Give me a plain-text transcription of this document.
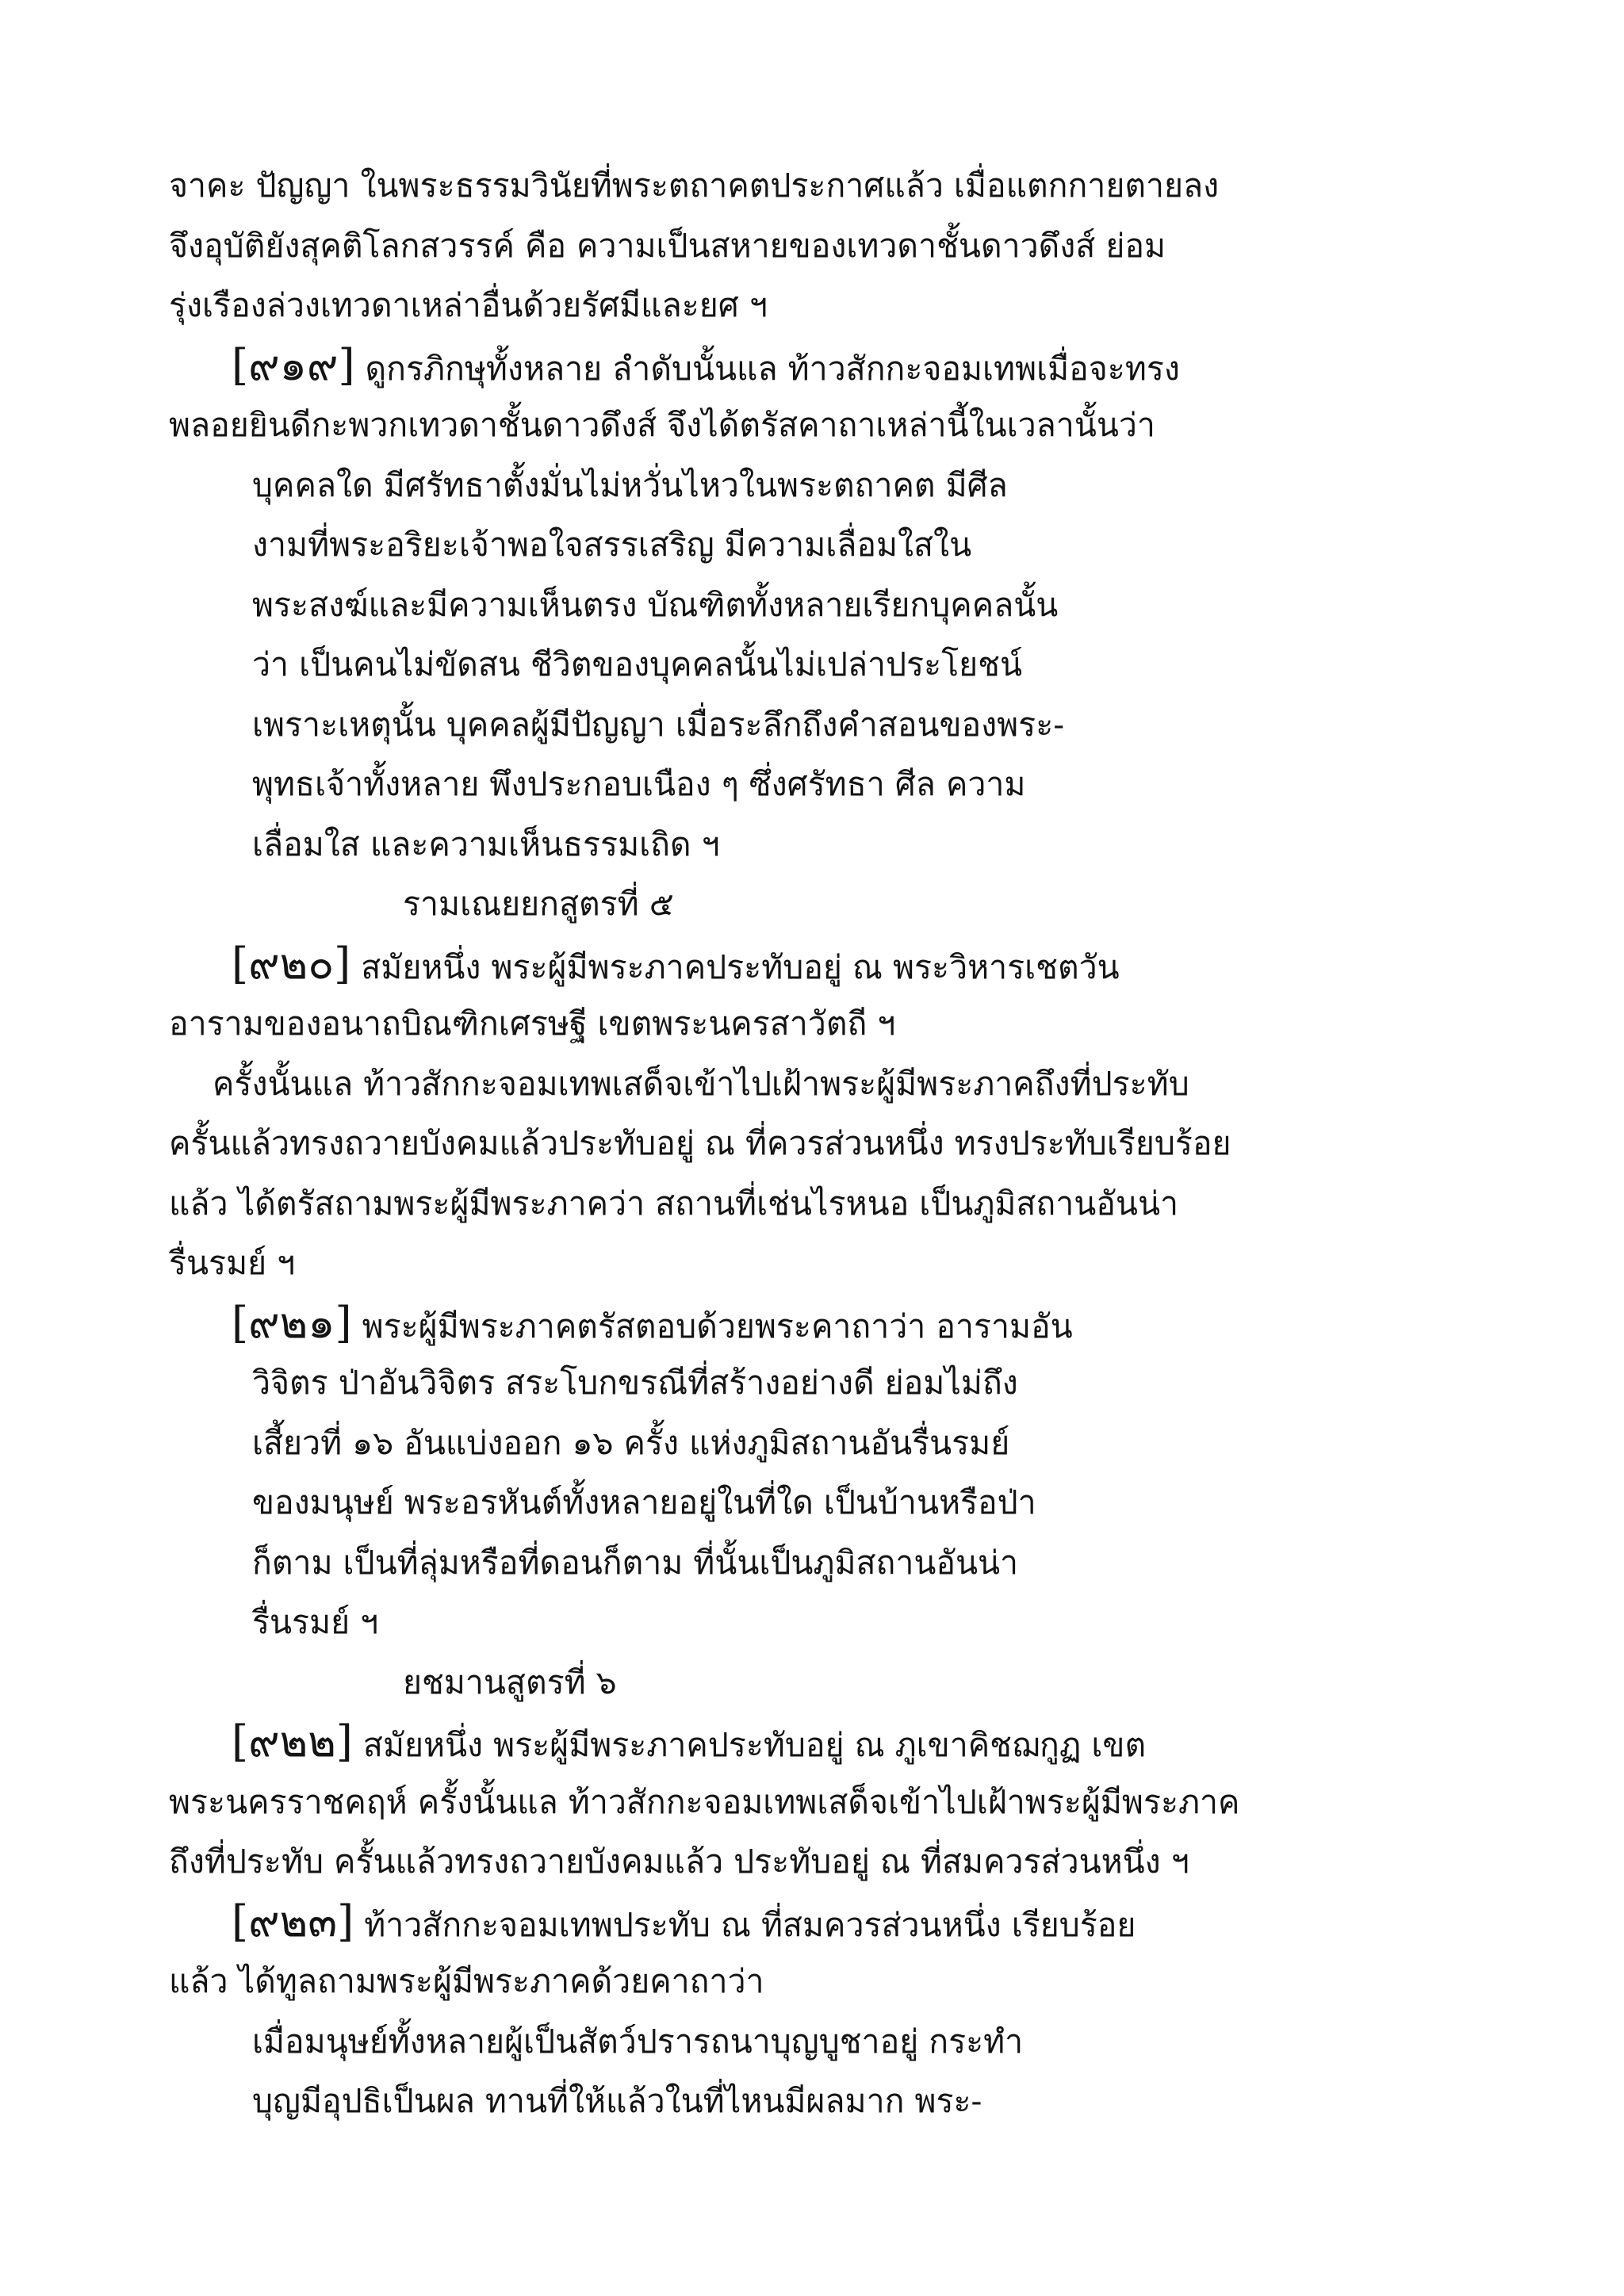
จาคะ ปัญญา ในพระธรรมวินัยที่พระตถาคตประกาศแล้ว เมื่อแตกกายตายลง
จึงอุบัติยังสุคติโลกสวรรค์ คือ ความเป็นสหายของเทวดาชั้นดาวดึงส์ ย่อม
รุ่งเรืองล่วงเทวดาเหล่าอื่นด้วยรัศมีและยศ ฯ
[๙๑๙] ดูกรภิกษุทั้งหลาย ลำดับนั้นแล ท้าวสักกะจอมเทพเมื่อจะทรง
พลอยยินดีกะพวกเทวดาชั้นดาวดึงส์ จึงได้ตรัสคาถาเหล่านี้ในเวลานั้นว่า
บุคคลใด มีศรัทธาตั้งมั่นไม่หวั่นไหวในพระตถาคต มีศีล
งามที่พระอริยะเจ้าพอใจสรรเสริญ มีความเลื่อมใสใน
พระสงฆ์และมีความเห็นตรง บัณฑิตทั้งหลายเรียกบุคคลนั้น
ว่า เป็นคนไม่ขัดสน ชีวิตของบุคคลนั้นไม่เปล่าประโยชน์
เพราะเหตุนั้น บุคคลผู้มีปัญญา เมื่อระลึกถึงคำสอนของพระ-
พุทธเจ้าทั้งหลาย พึงประกอบเนือง ๆ ซึ่งศรัทธา ศีล ความ
เลื่อมใส และความเห็นธรรมเถิด ฯ
รามเณยยกสูตรที่ ๕
[๙๒๐] สมัยหนึ่ง พระผู้มีพระภาคประทับอยู่ ณ พระวิหารเชตวัน
อารามของอนาถบิณฑิกเศรษฐี เขตพระนครสาวัตถี ฯ
ครั้งนั้นแล ท้าวสักกะจอมเทพเสด็จเข้าไปเฝ้าพระผู้มีพระภาคถึงที่ประทับ
ครั้นแล้วทรงถวายบังคมแล้วประทับอยู่ ณ ที่ควรส่วนหนึ่ง ทรงประทับเรียบร้อย
แล้ว ได้ตรัสถามพระผู้มีพระภาคว่า สถานที่เช่นไรหนอ เป็นภูมิสถานอันน่า
รื่นรมย์ ฯ
[๙๒๑] พระผู้มีพระภาคตรัสตอบด้วยพระคาถาว่า อารามอัน
วิจิตร ป่าอันวิจิตร สระโบกขรณีที่สร้างอย่างดี ย่อมไม่ถึง
เสี้ยวที่ ๑๖ อันแบ่งออก ๑๖ ครั้ง แห่งภูมิสถานอันรื่นรมย์
ของมนุษย์ พระอรหันต์ทั้งหลายอยู่ในที่ใด เป็นบ้านหรือป่า
ก็ตาม เป็นที่ลุ่มหรือที่ดอนก็ตาม ที่นั้นเป็นภูมิสถานอันน่า
รื่นรมย์ ฯ
ยชมานสูตรที่ ๖
[๙๒๒] สมัยหนึ่ง พระผู้มีพระภาคประทับอยู่ ณ ภูเขาคิชฌกูฏ เขต
พระนครราชคฤห์ ครั้งนั้นแล ท้าวสักกะจอมเทพเสด็จเข้าไปเฝ้าพระผู้มีพระภาค
ถึงที่ประทับ ครั้นแล้วทรงถวายบังคมแล้ว ประทับอยู่ ณ ที่สมควรส่วนหนึ่ง ฯ
[๙๒๓] ท้าวสักกะจอมเทพประทับ ณ ที่สมควรส่วนหนึ่ง เรียบร้อย
แล้ว ได้ทูลถามพระผู้มีพระภาคด้วยคาถาว่า
เมื่อมนุษย์ทั้งหลายผู้เป็นสัตว์ปรารถนาบุญบูชาอยู่ กระทำ
บุญมีอุปธิเป็นผล ทานที่ให้แล้วในที่ไหนมีผลมาก พระ-
